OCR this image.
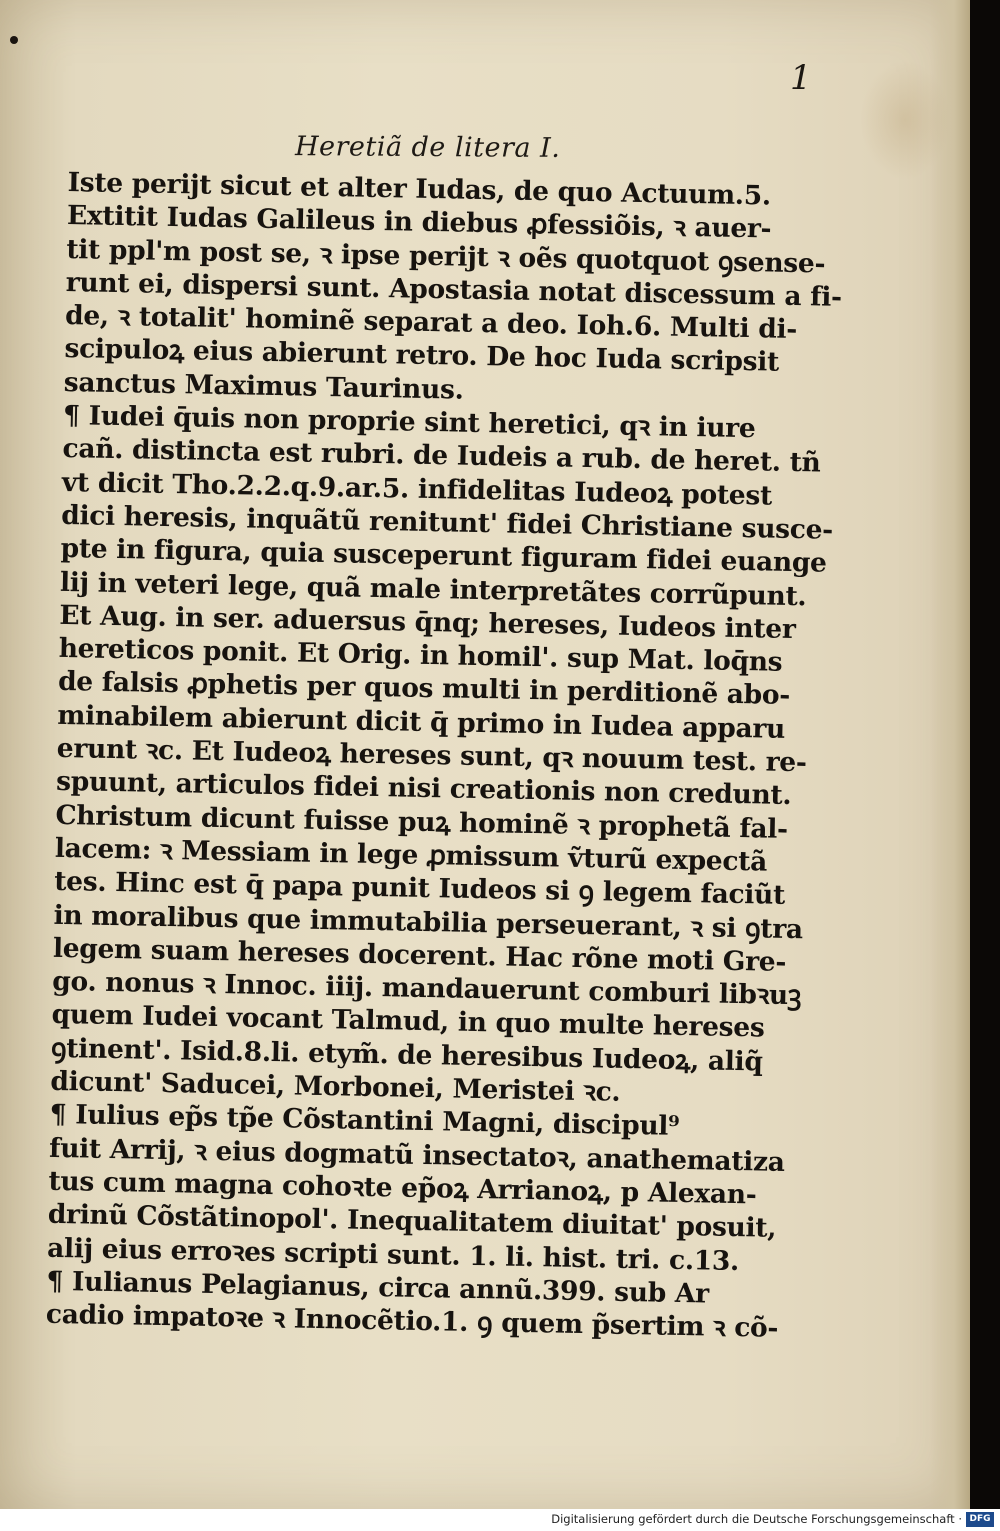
1
Heretiã de litera I.
Iste perijt sicut et alter Iudas, de quo Actuum.5.
Extitit Iudas Galileus in diebus ꝓfessiõis, ꝛ auer-
tit ppl'm post se, ꝛ ipse perijt ꝛ oẽs quotquot ꝯsense-
runt ei, dispersi sunt. Apostasia notat discessum a fi-
de, ꝛ totalit' hominẽ separat a deo. Ioh.6. Multi di-
scipuloꝝ eius abierunt retro. De hoc Iuda scripsit
sanctus Maximus Taurinus.
¶ Iudei q̄uis non proprie sint heretici, qꝛ in iure
cañ. distincta est rubri. de Iudeis a rub. de heret. tñ
vt dicit Tho.2.2.q.9.ar.5. infidelitas Iudeoꝝ potest
dici heresis, inquãtũ renitunt' fidei Christiane susce-
pte in figura, quia susceperunt figuram fidei euange
lij in veteri lege, quã male interpretãtes corrũpunt.
Et Aug. in ser. aduersus q̄nq; hereses, Iudeos inter
hereticos ponit. Et Orig. in homil'. sup Mat. loq̄ns
de falsis ꝓphetis per quos multi in perditionẽ abo-
minabilem abierunt dicit q̄ primo in Iudea apparu
erunt ꝛc. Et Iudeoꝝ hereses sunt, qꝛ nouum test. re-
spuunt, articulos fidei nisi creationis non credunt.
Christum dicunt fuisse puꝝ hominẽ ꝛ prophetã fal-
lacem: ꝛ Messiam in lege ꝓmissum ṽturũ expectã
tes. Hinc est q̄ papa punit Iudeos si ꝯ legem faciũt
in moralibus que immutabilia perseuerant, ꝛ si ꝯtra
legem suam hereses docerent. Hac rõne moti Gre-
go. nonus ꝛ Innoc. iiij. mandauerunt comburi libꝛuꝫ
quem Iudei vocant Talmud, in quo multe hereses
ꝯtinent'. Isid.8.li. etym̃. de heresibus Iudeoꝝ, aliq̃
dicunt' Saducei, Morbonei, Meristei ꝛc.
¶ Iulius ep̃s tp̃e Cõstantini Magni, discipul⁹
fuit Arrij, ꝛ eius dogmatũ insectatoꝛ, anathematiza
tus cum magna cohoꝛte ep̃oꝝ Arrianoꝝ, p Alexan-
drinũ Cõstãtinopol'. Inequalitatem diuitat' posuit,
alij eius erroꝛes scripti sunt. 1. li. hist. tri. c.13.
¶ Iulianus Pelagianus, circa annũ.399. sub Ar
cadio impatoꝛe ꝛ Innocẽtio.1. ꝯ quem p̃sertim ꝛ cõ-
Digitalisierung gefördert durch die Deutsche Forschungsgemeinschaft · DFG
